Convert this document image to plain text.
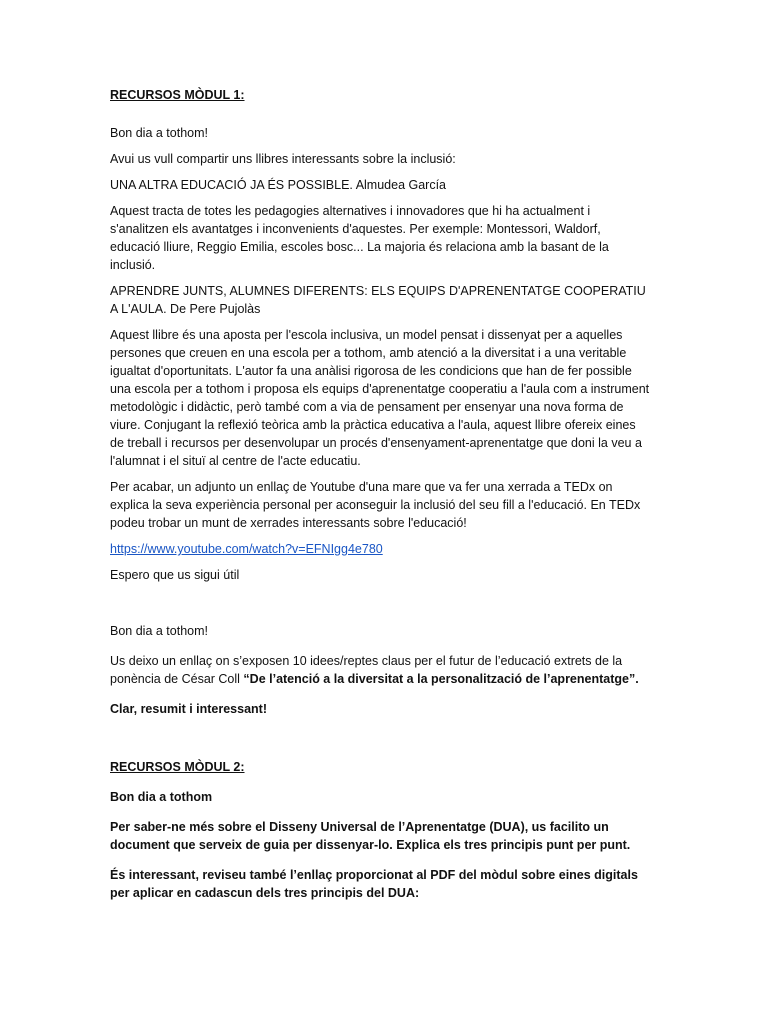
RECURSOS MÒDUL 1:

Bon dia a tothom!

Avui us vull compartir uns llibres interessants sobre la inclusió:

UNA ALTRA EDUCACIÓ JA ÉS POSSIBLE. Almudea García

Aquest tracta de totes les pedagogies alternatives i innovadores que hi ha actualment i s'analitzen els avantatges i inconvenients d'aquestes. Per exemple: Montessori, Waldorf, educació lliure, Reggio Emilia, escoles bosc... La majoria és relaciona amb la basant de la inclusió.

APRENDRE JUNTS, ALUMNES DIFERENTS: ELS EQUIPS D'APRENENTATGE COOPERATIU A L'AULA. De Pere Pujolàs

Aquest llibre és una aposta per l'escola inclusiva, un model pensat i dissenyat per a aquelles persones que creuen en una escola per a tothom, amb atenció a la diversitat i a una veritable igualtat d'oportunitats. L'autor fa una anàlisi rigorosa de les condicions que han de fer possible una escola per a tothom i proposa els equips d'aprenentatge cooperatiu a l'aula com a instrument metodològic i didàctic, però també com a via de pensament per ensenyar una nova forma de viure. Conjugant la reflexió teòrica amb la pràctica educativa a l'aula, aquest llibre ofereix eines de treball i recursos per desenvolupar un procés d'ensenyament-aprenentatge que doni la veu a l'alumnat i el situï al centre de l'acte educatiu.

Per acabar, un adjunto un enllaç de Youtube d'una mare que va fer una xerrada a TEDx on explica la seva experiència personal per aconseguir la inclusió del seu fill a l'educació. En TEDx podeu trobar un munt de xerrades interessants sobre l'educació!

https://www.youtube.com/watch?v=EFNIgg4e780

Espero que us sigui útil

Bon dia a tothom!

Us deixo un enllaç on s’exposen 10 idees/reptes claus per el futur de l’educació extrets de la ponència de César Coll “De l’atenció a la diversitat a la personalització de l’aprenentatge”.

Clar, resumit i interessant!

RECURSOS MÒDUL 2:

Bon dia a tothom

Per saber-ne més sobre el Disseny Universal de l’Aprenentatge (DUA), us facilito un document que serveix de guia per dissenyar-lo. Explica els tres principis punt per punt.

És interessant, reviseu també l’enllaç proporcionat al PDF del mòdul sobre eines digitals per aplicar en cadascun dels tres principis del DUA:
